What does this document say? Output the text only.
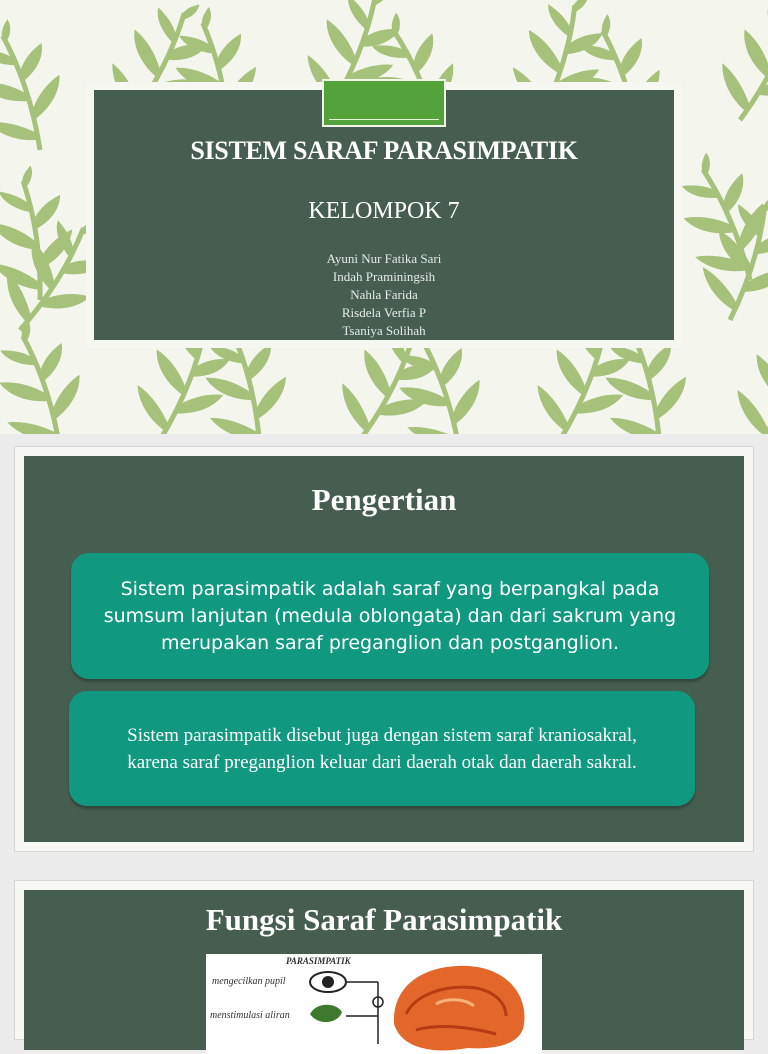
SISTEM SARAF PARASIMPATIK
KELOMPOK 7
Ayuni Nur Fatika Sari
Indah Praminingsih
Nahla Farida
Risdela Verfia P
Tsaniya Solihah
Pengertian
Sistem parasimpatik adalah saraf yang berpangkal pada
sumsum lanjutan (medula oblongata) dan dari sakrum yang
merupakan saraf preganglion dan postganglion.
Sistem parasimpatik disebut juga dengan sistem saraf kraniosakral,
karena saraf preganglion keluar dari daerah otak dan daerah sakral.
Fungsi Saraf Parasimpatik
PARASIMPATIK
mengecilkan pupil
menstimulasi aliran
